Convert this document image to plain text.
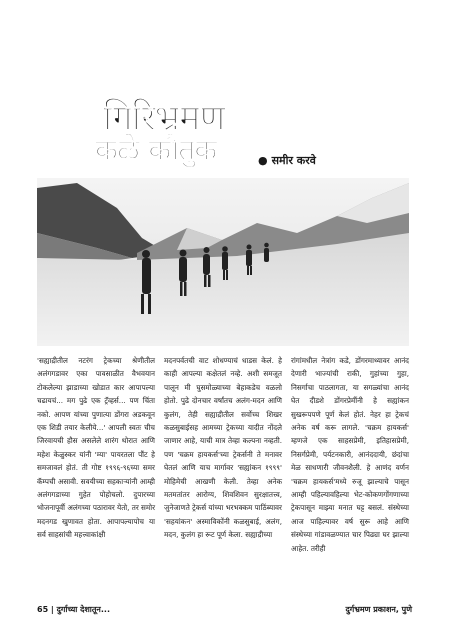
गिरिभ्रमण
कळे कौतुक	● समीर करवे

'सह्याद्रीतील नटरंग ट्रेकच्या श्रेणीतील अलंगगडावर एका पावसाळीत वैभवयान टोकलेल्या झाडाच्या खोडात कार आपापल्या चढायचं... मग पुढे एक ट्रॅव्हर्स... पण चिंता नको. आपण यांच्या पुणात्या डोंगरा अडकवून एक शिडी तयार केलीये...' आपली स्वतः चीच जिरवायची हौस असलेले शारंग थोरात आणि महेश केळुस्कर यांनी 'म्या' पायरतला पौंट हे समजावलं होतं. ती गोष्ट १९९६-९६च्या समर कॅम्पची असावी. सवयीच्या सहकाऱ्यांनी आम्ही अलंगगडाच्या गुहेत पोहोचलो. दुपारच्या भोजनापूर्वी अलंगच्या पठारावर येतो, तर समोर मदनगड खुणावत होता. आपापल्यापोच या सर्व साहसांची महत्त्वाकांक्षी

मदनपर्वतची वाट शोधण्याचं धाडस केलं. हे काही आपल्या कक्षेतलं नव्हे. अशी समजूत पालून मी घुसमोळ्याच्या बेहाकडेच वळलो होतो. पुढे दोनचार वर्षांतच अलंग-मदन आणि कुलंग, तेही सह्याद्रीतील सर्वोच्च शिखर कळसुबाईसह आमच्या ट्रेकच्या यादीत नोंदले जाणार आहे, याची मात्र तेव्हा कल्पना नव्हती. पण 'चक्रम हायकर्स'च्या ट्रेकर्सनी ते मनावर घेतलं आणि याच मार्गावर 'सह्यांकन १९९९' मोहिमेची आखणी केली. तेव्हा अनेक मतमतांतर आरोग्य, शिवशिवन सुरक्षातत्त्व, जुनेजाणते ट्रेकर्स यांच्या भरभक्कम पाठिंब्यावर 'सहयांकन' अस्माविकोंनी कळसुबाई, अलंग, मदन, कुलंग हा रूट पूर्ण केला. सह्याद्रीच्या

रांगांमधील नेत्रांग कडे, डोंगरमाथ्यावर आनंद देणारी भाज्यांची राकी, गुहांच्या गुहा, निसर्गाचा पाठलागता, या सगळ्यांचा आनंद घेत दीडशे डोंगरप्रेमींनी हे सह्यांकन सुखरूपपणे पूर्ण केलं होतं. नेहर हा ट्रेकचं अनेक वर्ष करू लागले. 'चक्रम हायकर्स' म्हणजे एक साहसप्रेमी, इतिहासप्रेमी, निसर्गप्रेमी, पर्यटनकारी, आनंददायी, छंदांचा मेळ साधणारी जीवनशैली. हे आणंद वर्णन 'चक्रम हायकर्स'मध्ये रुजू झाल्याचे पासून आम्ही पहिल्यावहिल्या भेट-कोकणगोंगणाच्या ट्रेकपासून माझ्या मनात घट्ट बसलं. संस्थेच्या आज पाहिल्यावर वर्ष सुरू आहे आणि संस्थेच्या गांडावळण्यात चार पिढ्या घर झाल्या आहेत. तरीही

65 | दुर्गाच्या देशातून...	दुर्गभ्रमण प्रकाशन, पुणे
